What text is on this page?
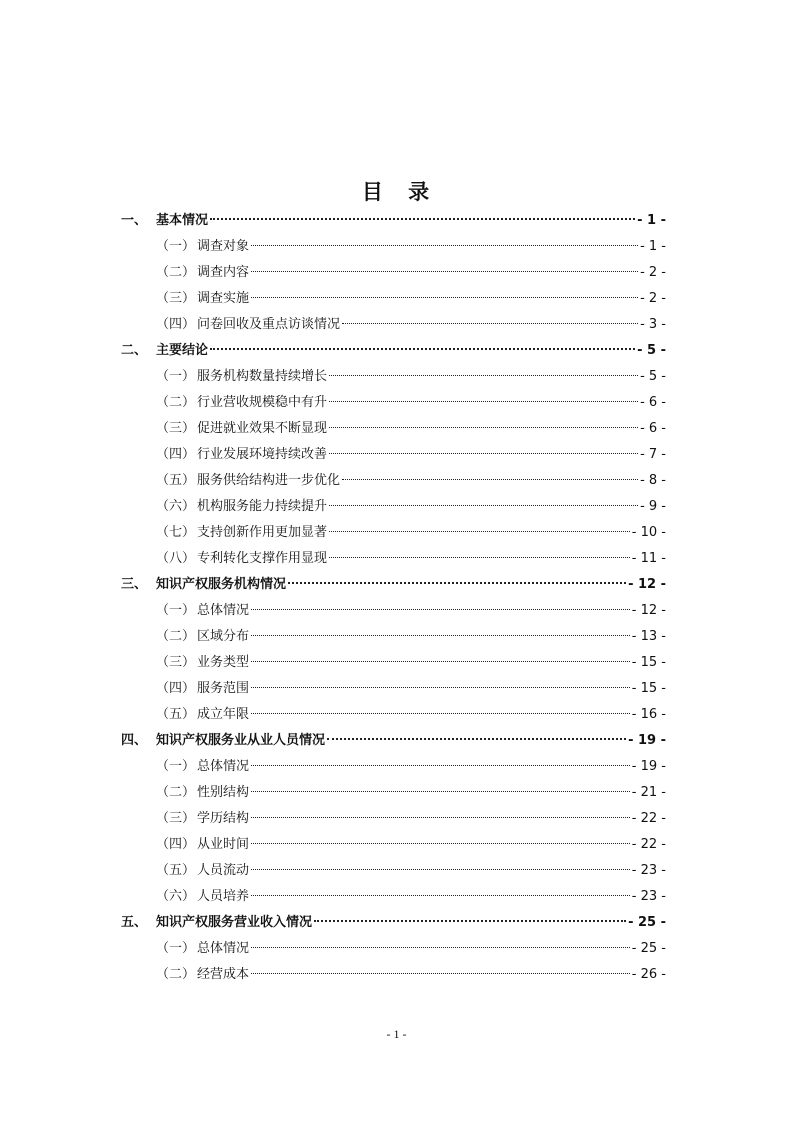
目 录
一、 基本情况	- 1 -
（一） 调查对象	- 1 -
（二） 调查内容	- 2 -
（三） 调查实施	- 2 -
（四） 问卷回收及重点访谈情况	- 3 -
二、 主要结论	- 5 -
（一） 服务机构数量持续增长	- 5 -
（二） 行业营收规模稳中有升	- 6 -
（三） 促进就业效果不断显现	- 6 -
（四） 行业发展环境持续改善	- 7 -
（五） 服务供给结构进一步优化	- 8 -
（六） 机构服务能力持续提升	- 9 -
（七） 支持创新作用更加显著	- 10 -
（八） 专利转化支撑作用显现	- 11 -
三、 知识产权服务机构情况	- 12 -
（一） 总体情况	- 12 -
（二） 区域分布	- 13 -
（三） 业务类型	- 15 -
（四） 服务范围	- 15 -
（五） 成立年限	- 16 -
四、 知识产权服务业从业人员情况	- 19 -
（一） 总体情况	- 19 -
（二） 性别结构	- 21 -
（三） 学历结构	- 22 -
（四） 从业时间	- 22 -
（五） 人员流动	- 23 -
（六） 人员培养	- 23 -
五、 知识产权服务营业收入情况	- 25 -
（一） 总体情况	- 25 -
（二） 经营成本	- 26 -
- 1 -
